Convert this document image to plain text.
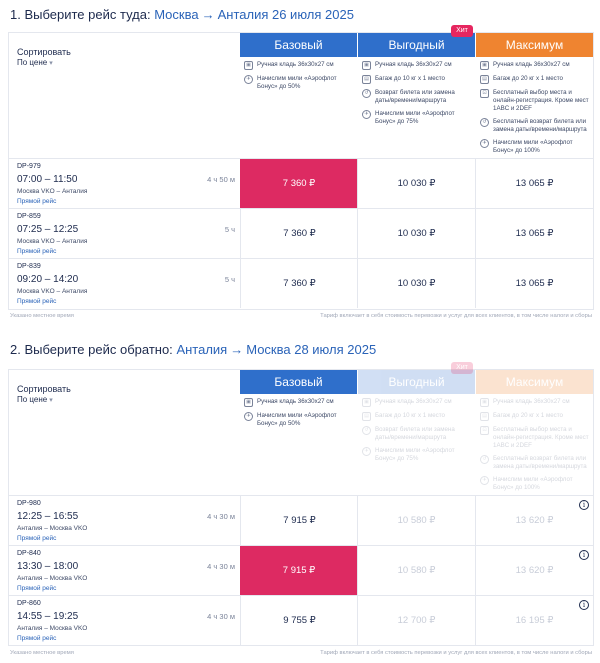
1. Выберите рейс туда: Москва → Анталия 26 июля 2025
Сортировать
По цене ▾
Базовый	Выгодный	Максимум
Хит
▣ Ручная кладь 36x30x27 см
✈	Начислим мили «Аэрофлот Бонус» до 50%
▣ Ручная кладь 36x30x27 см
▤ Багаж до 10 кг x 1 место
↺	Возврат билета или замена даты/времени/маршрута
✈	Начислим мили «Аэрофлот Бонус» до 75%
▣ Ручная кладь 36x30x27 см
▤ Багаж до 20 кг x 1 место
⊡	Бесплатный выбор места и онлайн-регистрация. Кроме мест 1ABC и 2DEF
↺	Бесплатный возврат билета или замена даты/времени/маршрута
✈	Начислим мили «Аэрофлот Бонус» до 100%
DP-979
07:00 – 11:50
Москва VKO – Анталия
Прямой рейс
4 ч 50 м	7 360 ₽	10 030 ₽	13 065 ₽
DP-859
07:25 – 12:25
Москва VKO – Анталия
Прямой рейс
5 ч	7 360 ₽	10 030 ₽	13 065 ₽
DP-839
09:20 – 14:20
Москва VKO – Анталия
Прямой рейс
5 ч	7 360 ₽	10 030 ₽	13 065 ₽
Указано местное время	Тариф включает в себя стоимость перевозки и услуг для всех клиентов, в том числе налоги и сборы
2. Выберите рейс обратно: Анталия → Москва 28 июля 2025
Сортировать
По цене ▾
Базовый	Выгодный	Максимум
Хит
▣ Ручная кладь 36x30x27 см
✈	Начислим мили «Аэрофлот Бонус» до 50%
▣ Ручная кладь 36x30x27 см
▤ Багаж до 10 кг x 1 место
↺	Возврат билета или замена даты/времени/маршрута
✈	Начислим мили «Аэрофлот Бонус» до 75%
▣ Ручная кладь 36x30x27 см
▤ Багаж до 20 кг x 1 место
⊡	Бесплатный выбор места и онлайн-регистрация. Кроме мест 1ABC и 2DEF
↺	Бесплатный возврат билета или замена даты/времени/маршрута
✈	Начислим мили «Аэрофлот Бонус» до 100%
DP-980
12:25 – 16:55
Анталия – Москва VKO
Прямой рейс
4 ч 30 м	7 915 ₽	10 580 ₽	13 620 ₽
i
DP-840
13:30 – 18:00
Анталия – Москва VKO
Прямой рейс
4 ч 30 м	7 915 ₽	10 580 ₽	13 620 ₽
i
DP-860
14:55 – 19:25
Анталия – Москва VKO
Прямой рейс
4 ч 30 м	9 755 ₽	12 700 ₽	16 195 ₽
i
Указано местное время	Тариф включает в себя стоимость перевозки и услуг для всех клиентов, в том числе налоги и сборы
